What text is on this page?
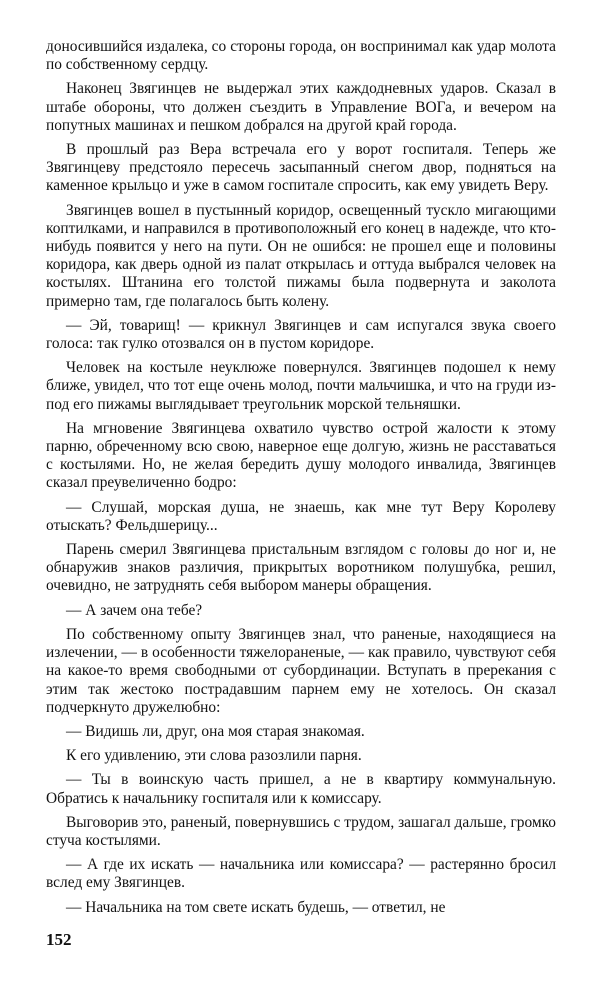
доносившийся издалека, со стороны города, он воспринимал как удар молота по собственному сердцу.

Наконец Звягинцев не выдержал этих каждодневных ударов. Сказал в штабе обороны, что должен съездить в Управление ВОГа, и вечером на попутных машинах и пешком добрался на другой край города.

В прошлый раз Вера встречала его у ворот госпиталя. Теперь же Звягинцеву предстояло пересечь засыпанный снегом двор, подняться на каменное крыльцо и уже в самом госпитале спросить, как ему увидеть Веру.

Звягинцев вошел в пустынный коридор, освещенный тускло мигающими коптилками, и направился в противоположный его конец в надежде, что кто-нибудь появится у него на пути. Он не ошибся: не прошел еще и половины коридора, как дверь одной из палат открылась и оттуда выбрался человек на костылях. Штанина его толстой пижамы была подвернута и заколота примерно там, где полагалось быть колену.

— Эй, товарищ! — крикнул Звягинцев и сам испугался звука своего голоса: так гулко отозвался он в пустом коридоре.

Человек на костыле неуклюже повернулся. Звягинцев подошел к нему ближе, увидел, что тот еще очень молод, почти мальчишка, и что на груди из-под его пижамы выглядывает треугольник морской тельняшки.

На мгновение Звягинцева охватило чувство острой жалости к этому парню, обреченному всю свою, наверное еще долгую, жизнь не расставаться с костылями. Но, не желая бередить душу молодого инвалида, Звягинцев сказал преувеличенно бодро:

— Слушай, морская душа, не знаешь, как мне тут Веру Королеву отыскать? Фельдшерицу...

Парень смерил Звягинцева пристальным взглядом с головы до ног и, не обнаружив знаков различия, прикрытых воротником полушубка, решил, очевидно, не затруднять себя выбором манеры обращения.

— А зачем она тебе?

По собственному опыту Звягинцев знал, что раненые, находящиеся на излечении, — в особенности тяжелораненые, — как правило, чувствуют себя на какое-то время свободными от субординации. Вступать в пререкания с этим так жестоко пострадавшим парнем ему не хотелось. Он сказал подчеркнуто дружелюбно:

— Видишь ли, друг, она моя старая знакомая.

К его удивлению, эти слова разозлили парня.

— Ты в воинскую часть пришел, а не в квартиру коммунальную. Обратись к начальнику госпиталя или к комиссару.

Выговорив это, раненый, повернувшись с трудом, зашагал дальше, громко стуча костылями.

— А где их искать — начальника или комиссара? — растерянно бросил вслед ему Звягинцев.

— Начальника на том свете искать будешь, — ответил, не

152
